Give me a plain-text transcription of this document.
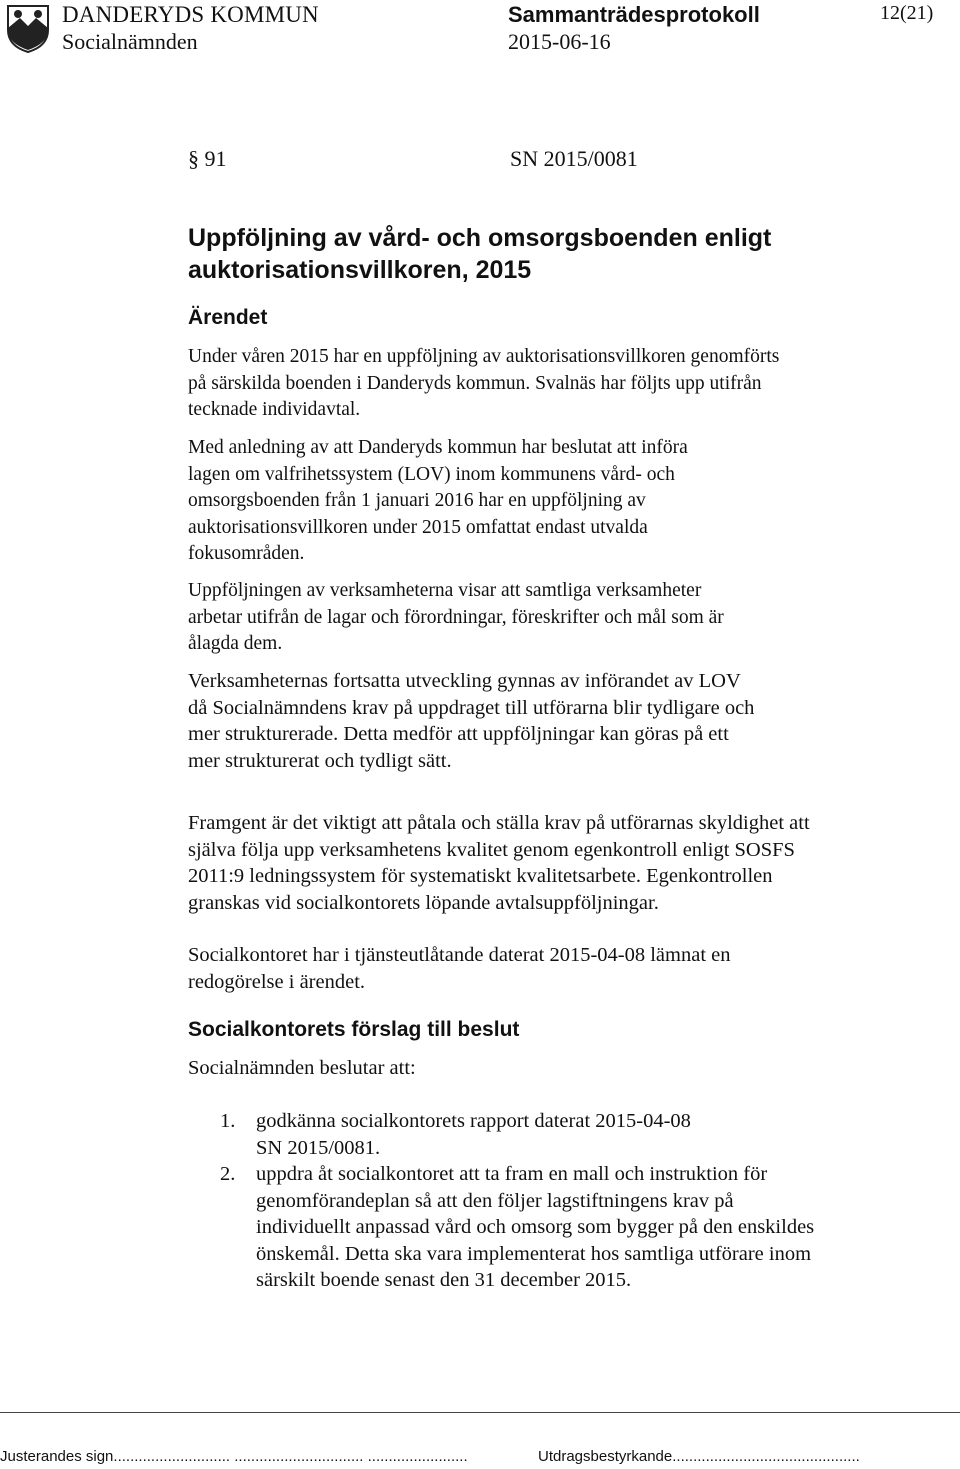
DANDERYDS KOMMUN
Socialnämnden
Sammanträdesprotokoll
2015-06-16
12(21)
§ 91	SN 2015/0081
Uppföljning av vård- och omsorgsboenden enligt auktorisationsvillkoren, 2015
Ärendet
Under våren 2015 har en uppföljning av auktorisationsvillkoren genomförts
på särskilda boenden i Danderyds kommun. Svalnäs har följts upp utifrån
tecknade individavtal.
Med anledning av att Danderyds kommun har beslutat att införa
lagen om valfrihetssystem (LOV) inom kommunens vård- och
omsorgsboenden från 1 januari 2016 har en uppföljning av
auktorisationsvillkoren under 2015 omfattat endast utvalda
fokusområden.
Uppföljningen av verksamheterna visar att samtliga verksamheter
arbetar utifrån de lagar och förordningar, föreskrifter och mål som är
ålagda dem.
Verksamheternas fortsatta utveckling gynnas av införandet av LOV
då Socialnämndens krav på uppdraget till utförarna blir tydligare och
mer strukturerade. Detta medför att uppföljningar kan göras på ett
mer strukturerat och tydligt sätt.
Framgent är det viktigt att påtala och ställa krav på utförarnas skyldighet att
själva följa upp verksamhetens kvalitet genom egenkontroll enligt SOSFS
2011:9 ledningssystem för systematiskt kvalitetsarbete. Egenkontrollen
granskas vid socialkontorets löpande avtalsuppföljningar.
Socialkontoret har i tjänsteutlåtande daterat 2015-04-08 lämnat en
redogörelse i ärendet.
Socialkontorets förslag till beslut
Socialnämnden beslutar att:
1. godkänna socialkontorets rapport daterat 2015-04-08
SN 2015/0081.
2. uppdra åt socialkontoret att ta fram en mall och instruktion för
genomförandeplan så att den följer lagstiftningens krav på
individuellt anpassad vård och omsorg som bygger på den enskildes
önskemål. Detta ska vara implementerat hos samtliga utförare inom
särskilt boende senast den 31 december 2015.
Justerandes sign............................ ............................... ........................	Utdragsbestyrkande.............................................
